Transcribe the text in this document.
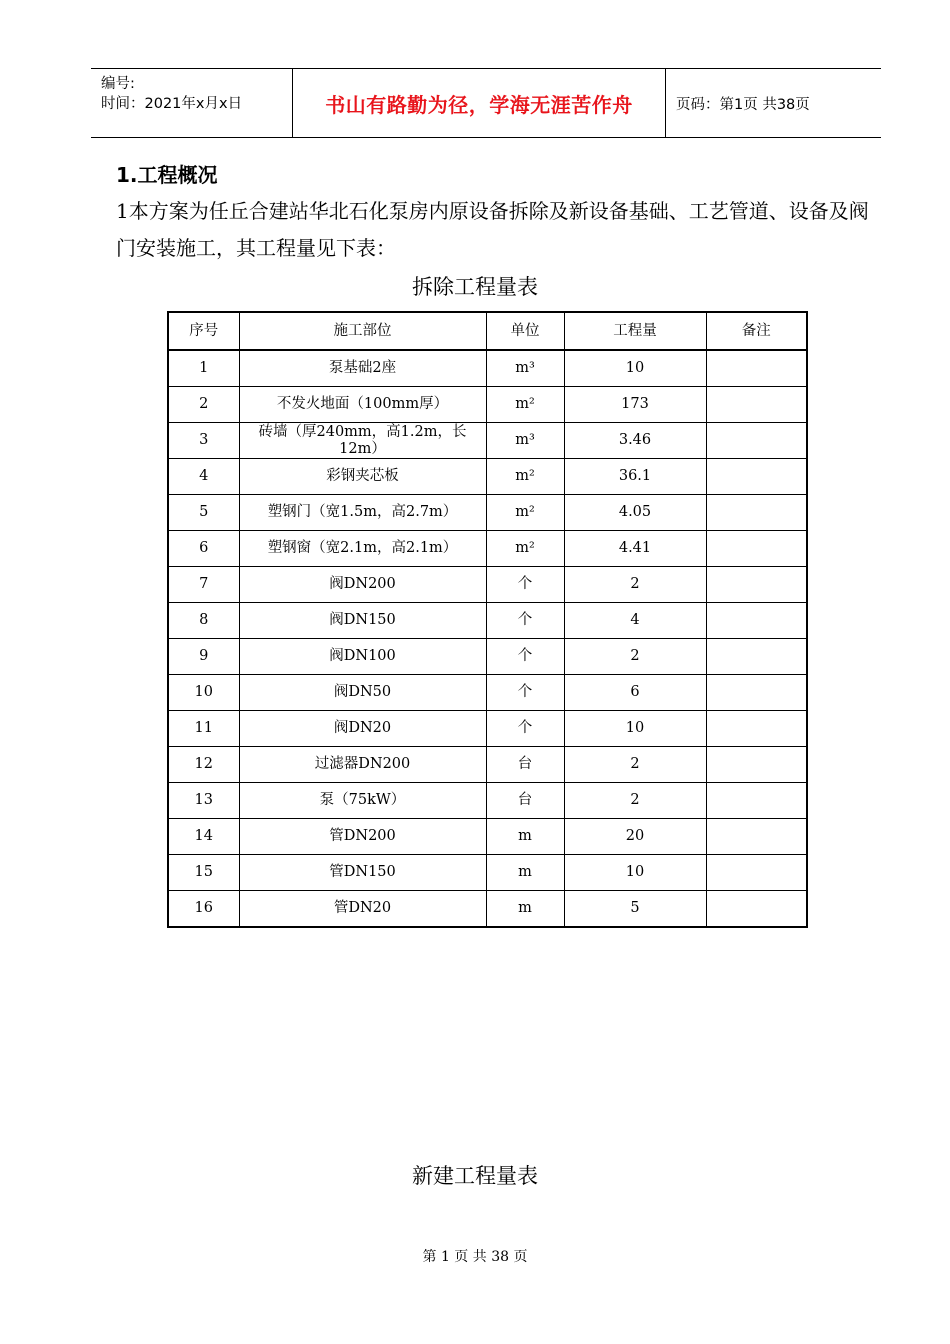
编号:
时间：2021年x月x日	书山有路勤为径，学海无涯苦作舟	页码：第1页 共38页
1.工程概况
1本方案为任丘合建站华北石化泵房内原设备拆除及新设备基础、工艺管道、设备及阀门安装施工，其工程量见下表：
拆除工程量表
序号	施工部位	单位	工程量	备注
1	泵基础2座	m³	10	
2	不发火地面（100mm厚）	m²	173	
3	砖墙（厚240mm，高1.2m，长12m）	m³	3.46	
4	彩钢夹芯板	m²	36.1	
5	塑钢门（宽1.5m，高2.7m）	m²	4.05	
6	塑钢窗（宽2.1m，高2.1m）	m²	4.41	
7	阀DN200	个	2	
8	阀DN150	个	4	
9	阀DN100	个	2	
10	阀DN50	个	6	
11	阀DN20	个	10	
12	过滤器DN200	台	2	
13	泵（75kW）	台	2	
14	管DN200	m	20	
15	管DN150	m	10	
16	管DN20	m	5	
新建工程量表
第 1 页 共 38 页
